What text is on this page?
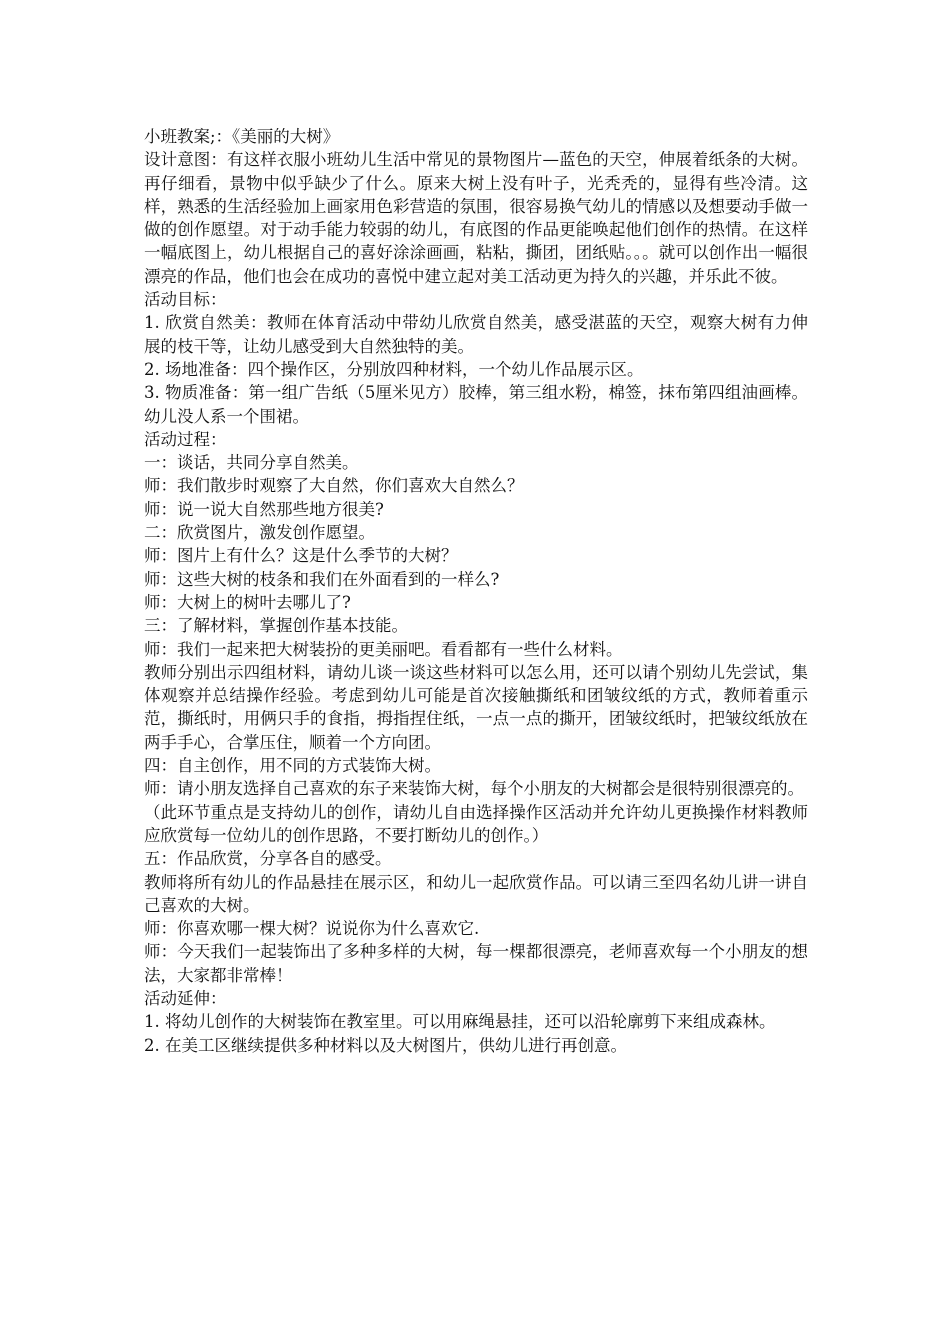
小班教案;：《美丽的大树》

设计意图：有这样衣服小班幼儿生活中常见的景物图片—蓝色的天空，伸展着纸条的大树。再仔细看，景物中似乎缺少了什么。原来大树上没有叶子，光秃秃的，显得有些冷清。这样，熟悉的生活经验加上画家用色彩营造的氛围，很容易换气幼儿的情感以及想要动手做一做的创作愿望。对于动手能力较弱的幼儿，有底图的作品更能唤起他们创作的热情。在这样一幅底图上，幼儿根据自己的喜好涂涂画画，粘粘，撕团，团纸贴。。。就可以创作出一幅很漂亮的作品，他们也会在成功的喜悦中建立起对美工活动更为持久的兴趣，并乐此不彼。

活动目标：

1. 欣赏自然美：教师在体育活动中带幼儿欣赏自然美，感受湛蓝的天空，观察大树有力伸展的枝干等，让幼儿感受到大自然独特的美。

2. 场地准备：四个操作区，分别放四种材料，一个幼儿作品展示区。

3. 物质准备：第一组广告纸（5厘米见方）胶棒，第三组水粉，棉签，抹布第四组油画棒。幼儿没人系一个围裙。

活动过程：

一：谈话，共同分享自然美。

师：我们散步时观察了大自然，你们喜欢大自然么？

师：说一说大自然那些地方很美?

二：欣赏图片，激发创作愿望。

师：图片上有什么？这是什么季节的大树？

师：这些大树的枝条和我们在外面看到的一样么?

师：大树上的树叶去哪儿了?

三：了解材料，掌握创作基本技能。

师：我们一起来把大树装扮的更美丽吧。看看都有一些什么材料。

教师分别出示四组材料，请幼儿谈一谈这些材料可以怎么用，还可以请个别幼儿先尝试，集体观察并总结操作经验。考虑到幼儿可能是首次接触撕纸和团皱纹纸的方式，教师着重示范，撕纸时，用俩只手的食指，拇指捏住纸，一点一点的撕开，团皱纹纸时，把皱纹纸放在两手手心，合掌压住，顺着一个方向团。

四：自主创作，用不同的方式装饰大树。

师：请小朋友选择自己喜欢的东子来装饰大树，每个小朋友的大树都会是很特别很漂亮的。

（此环节重点是支持幼儿的创作，请幼儿自由选择操作区活动并允许幼儿更换操作材料教师应欣赏每一位幼儿的创作思路，不要打断幼儿的创作。）

五：作品欣赏，分享各自的感受。

教师将所有幼儿的作品悬挂在展示区，和幼儿一起欣赏作品。可以请三至四名幼儿讲一讲自己喜欢的大树。

师：你喜欢哪一棵大树？说说你为什么喜欢它.

师：今天我们一起装饰出了多种多样的大树，每一棵都很漂亮，老师喜欢每一个小朋友的想法，大家都非常棒！

活动延伸：

1. 将幼儿创作的大树装饰在教室里。可以用麻绳悬挂，还可以沿轮廓剪下来组成森林。

2. 在美工区继续提供多种材料以及大树图片，供幼儿进行再创意。
